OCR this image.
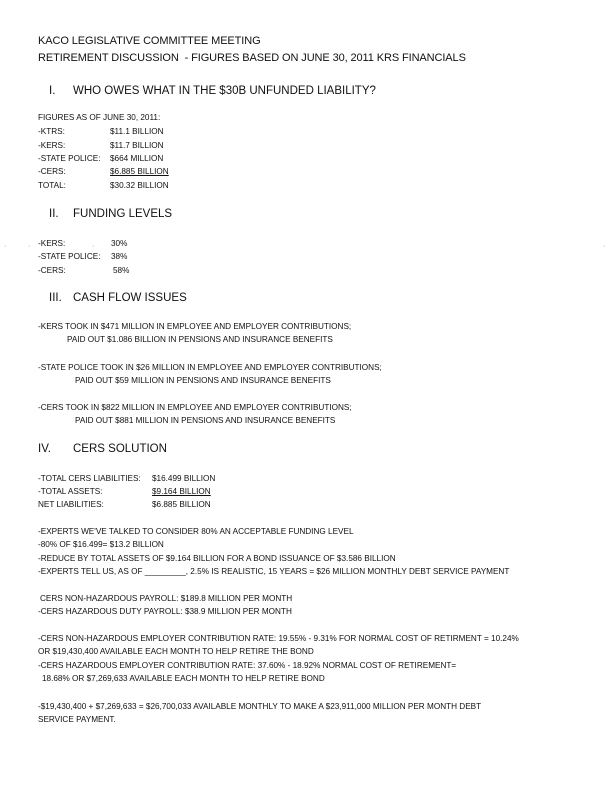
KACO LEGISLATIVE COMMITTEE MEETING
RETIREMENT DISCUSSION  - FIGURES BASED ON JUNE 30, 2011 KRS FINANCIALS
I. WHO OWES WHAT IN THE $30B UNFUNDED LIABILITY?
FIGURES AS OF JUNE 30, 2011:
-KTRS:	$11.1 BILLION
-KERS:	$11.7 BILLION
-STATE POLICE: $664 MILLION
-CERS:	$6.885 BILLION
TOTAL:	$30.32 BILLION
II. FUNDING LEVELS
·	·	·	·
-KERS:	30%
-STATE POLICE: 38%
-CERS:	58%
III. CASH FLOW ISSUES
-KERS TOOK IN $471 MILLION IN EMPLOYEE AND EMPLOYER CONTRIBUTIONS;
PAID OUT $1.086 BILLION IN PENSIONS AND INSURANCE BENEFITS
-STATE POLICE TOOK IN $26 MILLION IN EMPLOYEE AND EMPLOYER CONTRIBUTIONS;
PAID OUT $59 MILLION IN PENSIONS AND INSURANCE BENEFITS
-CERS TOOK IN $822 MILLION IN EMPLOYEE AND EMPLOYER CONTRIBUTIONS;
PAID OUT $881 MILLION IN PENSIONS AND INSURANCE BENEFITS
IV. CERS SOLUTION
-TOTAL CERS LIABILITIES: $16.499 BILLION
-TOTAL ASSETS:	$9.164 BILLION
NET LIABILITIES:	$6.885 BILLION
-EXPERTS WE'VE TALKED TO CONSIDER 80% AN ACCEPTABLE FUNDING LEVEL
-80% OF $16.499= $13.2 BILLION
-REDUCE BY TOTAL ASSETS OF $9.164 BILLION FOR A BOND ISSUANCE OF $3.586 BILLION
-EXPERTS TELL US, AS OF _________, 2.5% IS REALISTIC, 15 YEARS = $26 MILLION MONTHLY DEBT SERVICE PAYMENT
CERS NON-HAZARDOUS PAYROLL: $189.8 MILLION PER MONTH
-CERS HAZARDOUS DUTY PAYROLL: $38.9 MILLION PER MONTH
-CERS NON-HAZARDOUS EMPLOYER CONTRIBUTION RATE: 19.55% - 9.31% FOR NORMAL COST OF RETIRMENT = 10.24%
OR $19,430,400 AVAILABLE EACH MONTH TO HELP RETIRE THE BOND
-CERS HAZARDOUS EMPLOYER CONTRIBUTION RATE: 37.60% - 18.92% NORMAL COST OF RETIREMENT=
18.68% OR $7,269,633 AVAILABLE EACH MONTH TO HELP RETIRE BOND
-$19,430,400 + $7,269,633 = $26,700,033 AVAILABLE MONTHLY TO MAKE A $23,911,000 MILLION PER MONTH DEBT
SERVICE PAYMENT.
